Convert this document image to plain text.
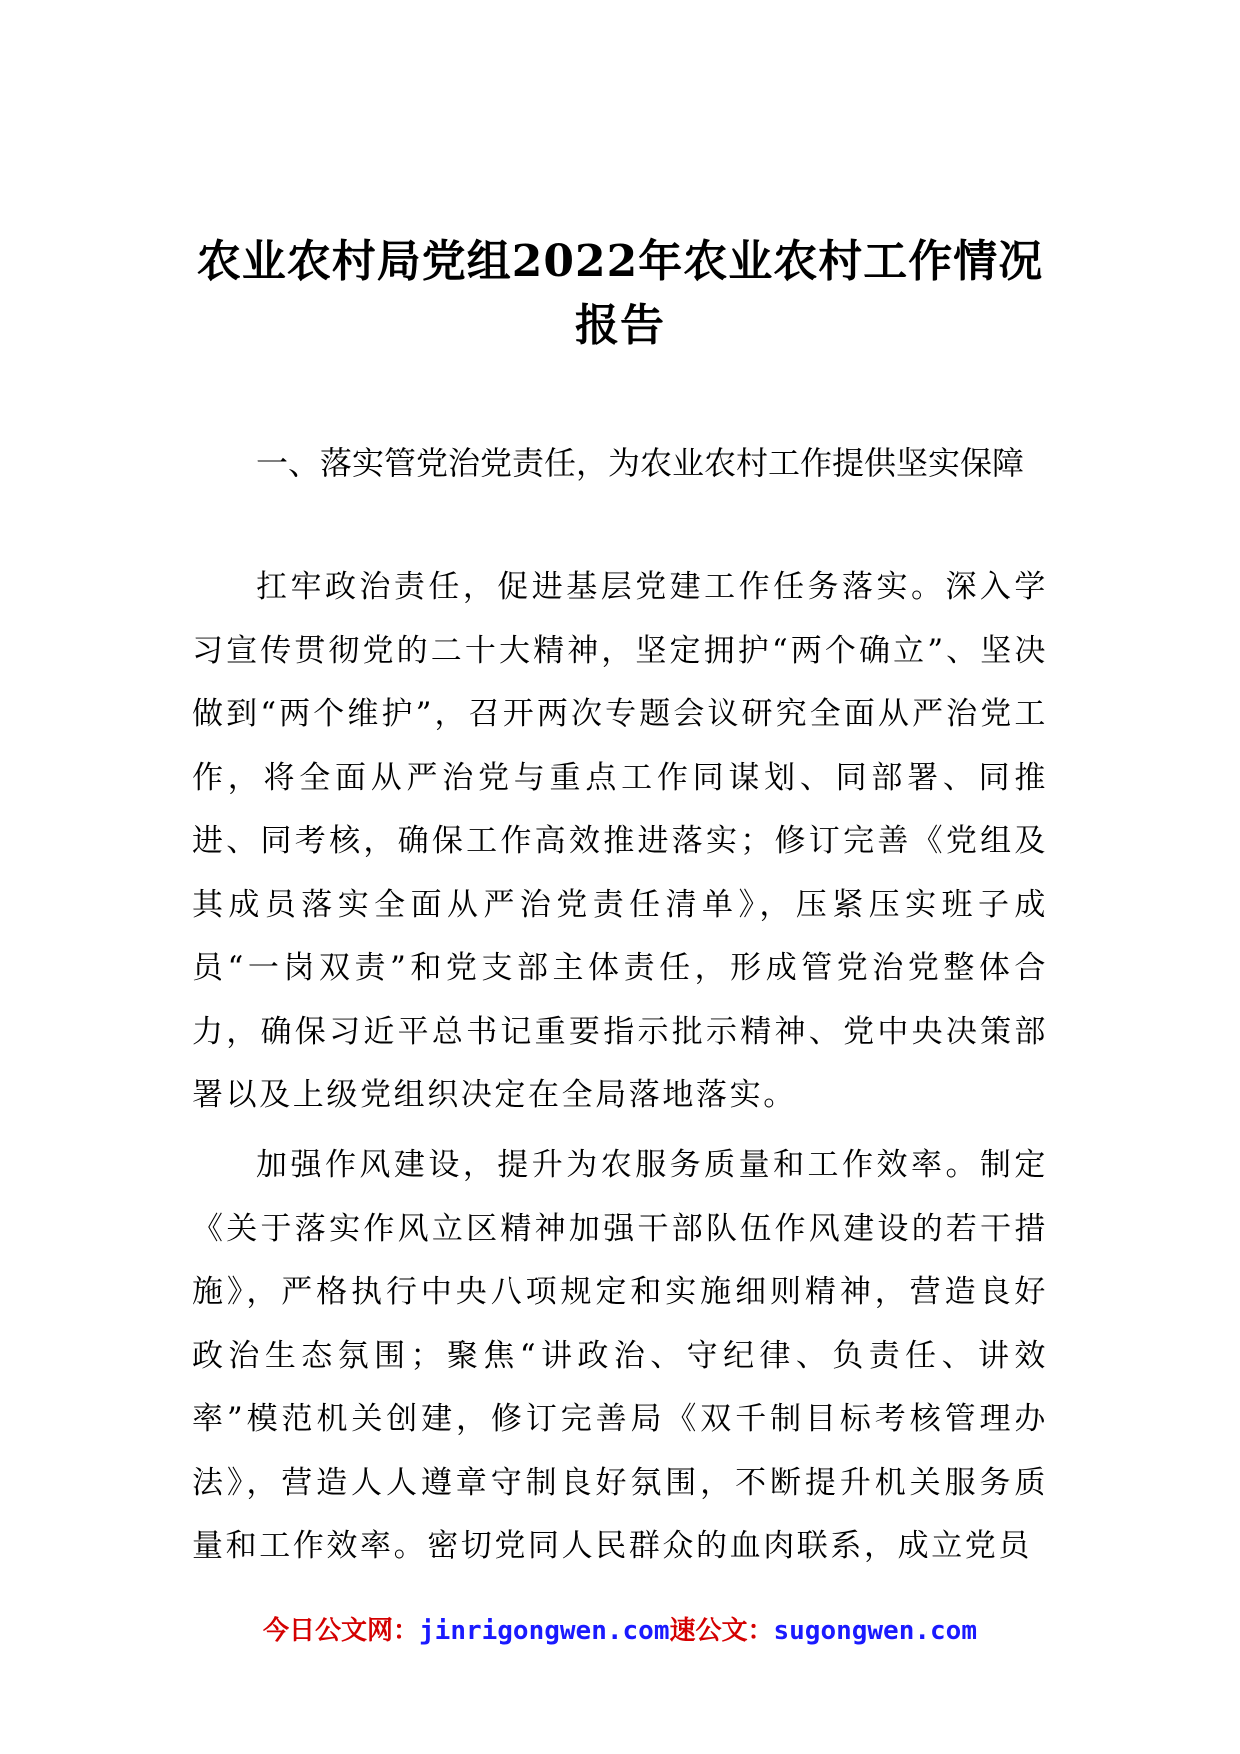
农业农村局党组2022年农业农村工作情况
报告
一、落实管党治党责任，为农业农村工作提供坚实保障
扛牢政治责任，促进基层党建工作任务落实。深入学习宣传贯彻党的二十大精神，坚定拥护“两个确立”、坚决做到“两个维护”，召开两次专题会议研究全面从严治党工作，将全面从严治党与重点工作同谋划、同部署、同推进、同考核，确保工作高效推进落实；修订完善《党组及其成员落实全面从严治党责任清单》，压紧压实班子成员“一岗双责”和党支部主体责任，形成管党治党整体合力，确保习近平总书记重要指示批示精神、党中央决策部署以及上级党组织决定在全局落地落实。
加强作风建设，提升为农服务质量和工作效率。制定《关于落实作风立区精神加强干部队伍作风建设的若干措施》，严格执行中央八项规定和实施细则精神，营造良好政治生态氛围；聚焦“讲政治、守纪律、负责任、讲效率”模范机关创建，修订完善局《双千制目标考核管理办法》，营造人人遵章守制良好氛围，不断提升机关服务质量和工作效率。密切党同人民群众的血肉联系，成立党员
今日公文网：jinrigongwen.com速公文：sugongwen.com
